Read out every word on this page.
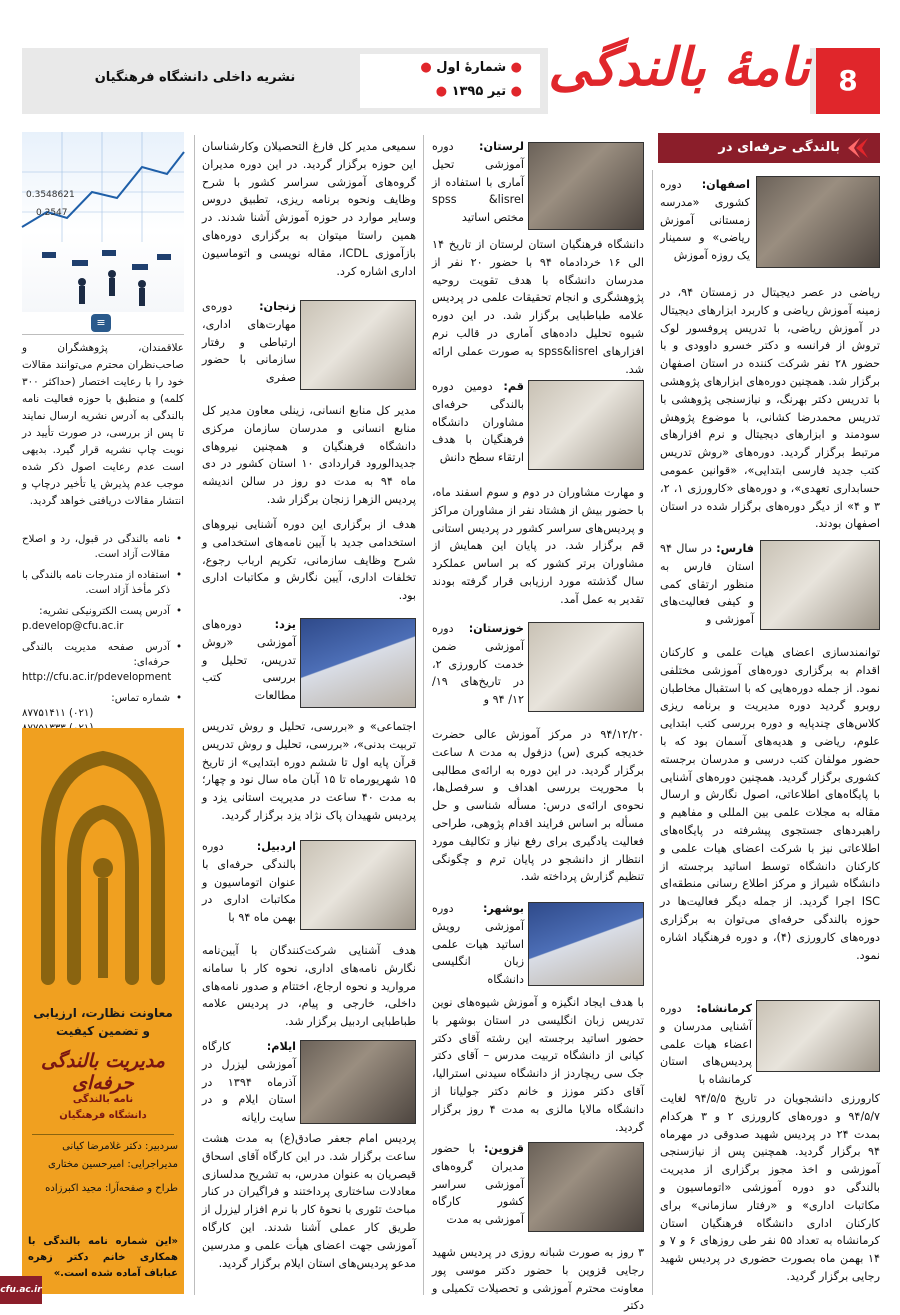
8
نامهٔ بالندگی
● شمارهٔ اول ●
● تیر ۱۳۹۵ ●
نشریه داخلی دانشگاه فرهنگیان
بالندگی حرفه‌ای در
اصفهان: دوره کشوری «مدرسه زمستانی آموزش ریاضی» و سمینار یک روزه آموزش
ریاضی در عصر دیجیتال در زمستان ۹۴، در زمینه آموزش ریاضی و کاربرد ابزارهای دیجیتال در آموزش ریاضی، با تدریس پروفسور لوک تروش از فرانسه و دکتر خسرو داوودی و با حضور ۲۸ نفر شرکت کننده در استان اصفهان برگزار شد. همچنین دوره‌های ابزارهای پژوهشی با تدریس دکتر بهرنگ، و نیازسنجی پژوهشی با تدریس محمدرضا کشانی، با موضوع پژوهش سودمند و ابزارهای دیجیتال و نرم افزارهای مرتبط برگزار گردید. دوره‌های «روش تدریس کتب جدید فارسی ابتدایی»، «قوانین عمومی حسابداری تعهدی»، و دوره‌های «کارورزی ۱، ۲، ۳ و ۴» از دیگر دوره‌های برگزار شده در استان اصفهان بودند.
فارس: در سال ۹۴ استان فارس به منظور ارتقای کمی و کیفی فعالیت‌های آموزشی و
توانمندسازی اعضای هیات علمی و کارکنان اقدام به برگزاری دوره‌های آموزشی مختلفی نمود. از جمله دوره‌هایی که با استقبال مخاطبان روبرو گردید دوره مدیریت و برنامه ریزی کلاس‌های چندپایه و دوره بررسی کتب ابتدایی علوم، ریاضی و هدیه‌های آسمان بود که با حضور مولفان کتب درسی و مدرسان برجسته کشوری برگزار گردید. همچنین دوره‌های آشنایی با پایگاه‌های اطلاعاتی، اصول نگارش و ارسال مقاله به مجلات علمی بین المللی و مفاهیم و راهبردهای جستجوی پیشرفته در پایگاه‌های اطلاعاتی نیز با شرکت اعضای هیات علمی و کارکنان دانشگاه توسط اساتید برجسته از دانشگاه شیراز و مرکز اطلاع رسانی منطقه‌ای ISC اجرا گردید. از جمله دیگر فعالیت‌ها در حوزه بالندگی حرفه‌ای می‌توان به برگزاری دوره‌های کارورزی (۴)، و دوره فرهنگیاد اشاره نمود.
کرمانشاه: دوره آشنایی مدرسان و اعضاء هیات علمی پردیس‌های استان کرمانشاه با
کارورزی دانشجویان در تاریخ ۹۴/۵/۵ لغایت ۹۴/۵/۷ و دوره‌های کارورزی ۲ و ۳ هرکدام بمدت ۲۴ در پردیس شهید صدوقی در مهرماه ۹۴ برگزار گردید. همچنین پس از نیازسنجی آموزشی و اخذ مجوز برگزاری از مدیریت بالندگی دو دوره آموزشی «اتوماسیون و مکاتبات اداری» و «رفتار سازمانی» برای کارکنان اداری دانشگاه فرهنگیان استان کرمانشاه به تعداد ۵۵ نفر طی روزهای ۶ و ۷ و ۱۴ بهمن ماه بصورت حضوری در پردیس شهید رجایی برگزار گردید.
لرستان: دوره آموزشی تحیل آماری با استفاده از spss &lisrel مختص اساتید
دانشگاه فرهنگیان استان لرستان از تاریخ ۱۴ الی ۱۶ خردادماه ۹۴ با حضور ۲۰ نفر از مدرسان دانشگاه با هدف تقویت روحیه پژوهشگری و انجام تحقیقات علمی در پردیس علامه طباطبایی برگزار شد. در این دوره شیوه تحلیل داده‌های آماری در قالب نرم افزارهای spss&lisrel به صورت عملی ارائه شد.
قم: دومین دوره بالندگی حرفه‌ای مشاوران دانشگاه فرهنگیان با هدف ارتقاء سطح دانش
و مهارت مشاوران در دوم و سوم اسفند ماه، با حضور بیش از هشتاد نفر از مشاوران مراکز و پردیس‌های سراسر کشور در پردیس استانی قم برگزار شد. در پایان این همایش از مشاوران برتر کشور که بر اساس عملکرد سال گذشته مورد ارزیابی قرار گرفته بودند تقدیر به عمل آمد.
خوزستان: دوره آموزشی ضمن خدمت کارورزی ۲، در تاریخ‌های ۱۹/ ۱۲/ ۹۴ و
۹۴/۱۲/۲۰ در مرکز آموزش عالی حضرت خدیجه کبری (س) دزفول به مدت ۸ ساعت برگزار گردید. در این دوره به ارائه‌ی مطالبی با محوریت بررسی اهداف و سرفصل‌ها، نحوه‌ی ارائه‌ی درس: مسأله شناسی و حل مسأله بر اساس فرایند اقدام پژوهی، طراحی فعالیت یادگیری برای رفع نیاز و تکالیف مورد انتظار از دانشجو در پایان ترم و چگونگی تنظیم گزارش پرداخته شد.
بوشهر: دوره آموزشی رویش اساتید هیات علمی زبان انگلیسی دانشگاه
با هدف ایجاد انگیزه و آموزش شیوه‌های نوین تدریس زبان انگلیسی در استان بوشهر با حضور اساتید برجسته این رشته آقای دکتر کیانی از دانشگاه تربیت مدرس – آقای دکتر جک سی ریچاردز از دانشگاه سیدنی استرالیا، آقای دکتر موزز و خانم دکتر جولیانا از دانشگاه مالایا مالزی به مدت ۴ روز برگزار گردید.
قزوین: با حضور مدیران گروه‌های آموزشی سراسر کشور کارگاه آموزشی به مدت
۳ روز به صورت شبانه روزی در پردیس شهید رجایی قزوین با حضور دکتر موسی پور معاونت محترم آموزشی و تحصیلات تکمیلی و دکتر
سمیعی مدیر کل فارغ التحصیلان وکارشناسان این حوزه برگزار گردید. در این دوره مدیران گروه‌های آموزشی سراسر کشور با شرح وظایف ونحوه برنامه ریزی، تطبیق دروس وسایر موارد در حوزه آموزش آشنا شدند. در همین راستا میتوان به برگزاری دوره‌های بازآموزی ICDL، مقاله نویسی و اتوماسیون اداری اشاره کرد.
زنجان: دوره‌ی مهارت‌های اداری، ارتباطی و رفتار سازمانی با حضور صفری
مدیر کل منابع انسانی، زینلی معاون مدیر کل منابع انسانی و مدرسان سازمان مرکزی دانشگاه فرهنگیان و همچنین نیروهای جدیدالورود قراردادی ۱۰ استان کشور در دی ماه ۹۴ به مدت دو روز در سالن اندیشه پردیس الزهرا زنجان برگزار شد.
هدف از برگزاری این دوره آشنایی نیروهای استخدامی جدید با آیین نامه‌های استخدامی و شرح وظایف سازمانی، تکریم ارباب رجوع، تخلفات اداری، آیین نگارش و مکاتبات اداری بود.
یزد: دوره‌های آموزشی «روش تدریس، تحلیل و بررسی کتب مطالعات
اجتماعی» و «بررسی، تحلیل و روش تدریس تربیت بدنی»، «بررسی، تحلیل و روش تدریس قرآن پایه اول تا ششم دوره ابتدایی» از تاریخ ۱۵ شهریورماه تا ۱۵ آبان ماه سال نود و چهار؛ به مدت ۴۰ ساعت در مدیریت استانی یزد و پردیس شهیدان پاک نژاد یزد برگزار گردید.
اردبیل: دوره بالندگی حرفه‌ای با عنوان اتوماسیون و مکاتبات اداری در بهمن ماه ۹۴ با
هدف آشنایی شرکت‌کنندگان با آیین‌نامه نگارش نامه‌های اداری، نحوه کار با سامانه مروارید و نحوه ارجاع، اختتام و صدور نامه‌های داخلی، خارجی و پیام، در پردیس علامه طباطبایی اردبیل برگزار شد.
ایلام: کارگاه آموزشی لیزرل در آذرماه ۱۳۹۴ در استان ایلام و در سایت رایانه
پردیس امام جعفر صادق(ع) به مدت هشت ساعت برگزار شد. در این کارگاه آقای اسحاق قیصریان به عنوان مدرس، به تشریح مدلسازی معادلات ساختاری پرداختند و فراگیران در کنار مباحث تئوری با نحوهٔ کار با نرم افزار لیزرل از طریق کار عملی آشنا شدند. این کارگاه آموزشی جهت اعضای هیأت علمی و مدرسین مدعو پردیس‌های استان ایلام برگزار گردید.
0.3548621
0.2547
≡
علاقمندان، پژوهشگران و صاحب‌نظران محترم می‌توانند مقالات خود را با رعایت اختصار (حداکثر ۳۰۰ کلمه) و منطبق با حوزه فعالیت نامه بالندگی به آدرس نشریه ارسال نمایند تا پس از بررسی، در صورت تأیید در نوبت چاپ نشریه قرار گیرد. بدیهی است عدم رعایت اصول ذکر شده موجب عدم پذیرش یا تأخیر درچاپ و انتشار مقالات دریافتی خواهد گردید.
• نامه بالندگی در قبول، رد و اصلاح مقالات آزاد است.
• استفاده از مندرجات نامه بالندگی با ذکر مأخذ آزاد است.
• آدرس پست الکترونیکی نشریه:
p.develop@cfu.ac.ir
• آدرس صفحه مدیریت بالندگی حرفه‌ای:
http://cfu.ac.ir/pdevelopment
• شماره تماس:
۸۷۷۵۱۴۱۱ (۰۲۱)
معاونت نظارت، ارزیابی و تضمین کیفیت
مدیریت بالندگی حرفه‌ای
نامه بالندگی
دانشگاه فرهنگیان
سردبیر: دکتر غلامرضا کیانی
مدیراجرایی: امیرحسین مختاری
طراح و صفحه‌آرا: مجید اکبرزاده
«این شماره نامه بالندگی با همکاری خانم دکتر زهره عباباف آماده شده است.»
cfu.ac.ir
